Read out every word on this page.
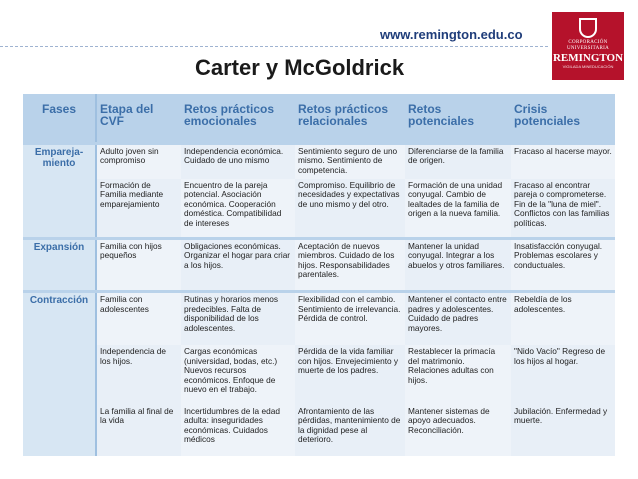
www.remington.edu.co
CORPORACIÓN UNIVERSITARIA
REMINGTON
VIGILADA MINEDUCACIÓN
Carter y McGoldrick
Fases	Etapa del CVF	Retos prácticos emocionales	Retos prácticos relacionales	Retos potenciales	Crisis potenciales
Empareja-miento	Adulto joven sin compromiso	Independencia económica. Cuidado de uno mismo	Sentimiento seguro de uno mismo. Sentimiento de competencia.	Diferenciarse de la familia de origen.	Fracaso al hacerse mayor.
	Formación de Familia mediante emparejamiento	Encuentro de la pareja potencial. Asociación económica. Cooperación doméstica. Compatibilidad de intereses	Compromiso. Equilibrio de necesidades y expectativas de uno mismo y del otro.	Formación de una unidad conyugal. Cambio de lealtades de la familia de origen a la nueva familia.	Fracaso al encontrar pareja o comprometerse. Fin de la "luna de miel". Conflictos con las familias políticas.
Expansión	Familia con hijos pequeños	Obligaciones económicas. Organizar el hogar para criar a los hijos.	Aceptación de nuevos miembros. Cuidado de los hijos. Responsabilidades parentales.	Mantener la unidad conyugal. Integrar a los abuelos y otros familiares.	Insatisfacción conyugal. Problemas escolares y conductuales.
Contracción	Familia con adolescentes	Rutinas y horarios menos predecibles. Falta de disponibilidad de los adolescentes.	Flexibilidad con el cambio. Sentimiento de irrelevancia. Pérdida de control.	Mantener el contacto entre padres y adolescentes. Cuidado de padres mayores.	Rebeldía de los adolescentes.
	Independencia de los hijos.	Cargas económicas (universidad, bodas, etc.) Nuevos recursos económicos. Enfoque de nuevo en el trabajo.	Pérdida de la vida familiar con hijos. Envejecimiento y muerte de los padres.	Restablecer la primacía del matrimonio. Relaciones adultas con hijos.	"Nido Vacío" Regreso de los hijos al hogar.
	La familia al final de la vida	Incertidumbres de la edad adulta: inseguridades económicas. Cuidados médicos	Afrontamiento de las pérdidas, mantenimiento de la dignidad pese al deterioro.	Mantener sistemas de apoyo adecuados. Reconciliación.	Jubilación. Enfermedad y muerte.
